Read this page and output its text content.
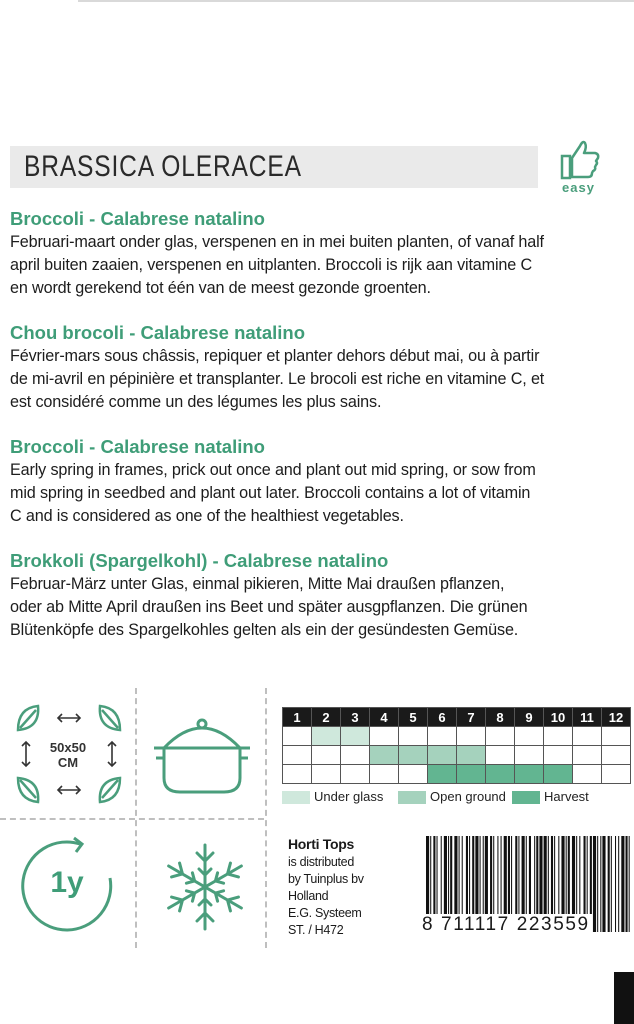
BRASSICA OLERACEA
easy
Broccoli - Calabrese natalino

Februari-maart onder glas, verspenen en in mei buiten planten, of vanaf half

april buiten zaaien, verspenen en uitplanten. Broccoli is rijk aan vitamine C

en wordt gerekend tot één van de meest gezonde groenten.

Chou brocoli - Calabrese natalino

Février-mars sous châssis, repiquer et planter dehors début mai, ou à partir

de mi-avril en pépinière et transplanter. Le brocoli est riche en vitamine C, et

est considéré comme un des légumes les plus sains.

Broccoli - Calabrese natalino

Early spring in frames, prick out once and plant out mid spring, or sow from

mid spring in seedbed and plant out later. Broccoli contains a lot of vitamin

C and is considered as one of the healthiest vegetables.

Brokkoli (Spargelkohl) - Calabrese natalino

Februar-März unter Glas, einmal pikieren, Mitte Mai draußen pflanzen,

oder ab Mitte April draußen ins Beet und später ausgpflanzen. Die grünen

Blütenköpfe des Spargelkohles gelten als ein der gesündesten Gemüse.

50x50
CM
1y
1	2	3	4	5	6	7	8	9	10	11	12

Under glass	Open ground	Harvest
Horti Tops
is distributed
by Tuinplus bv
Holland
E.G. Systeem
ST. / H472	8 711117 223559
